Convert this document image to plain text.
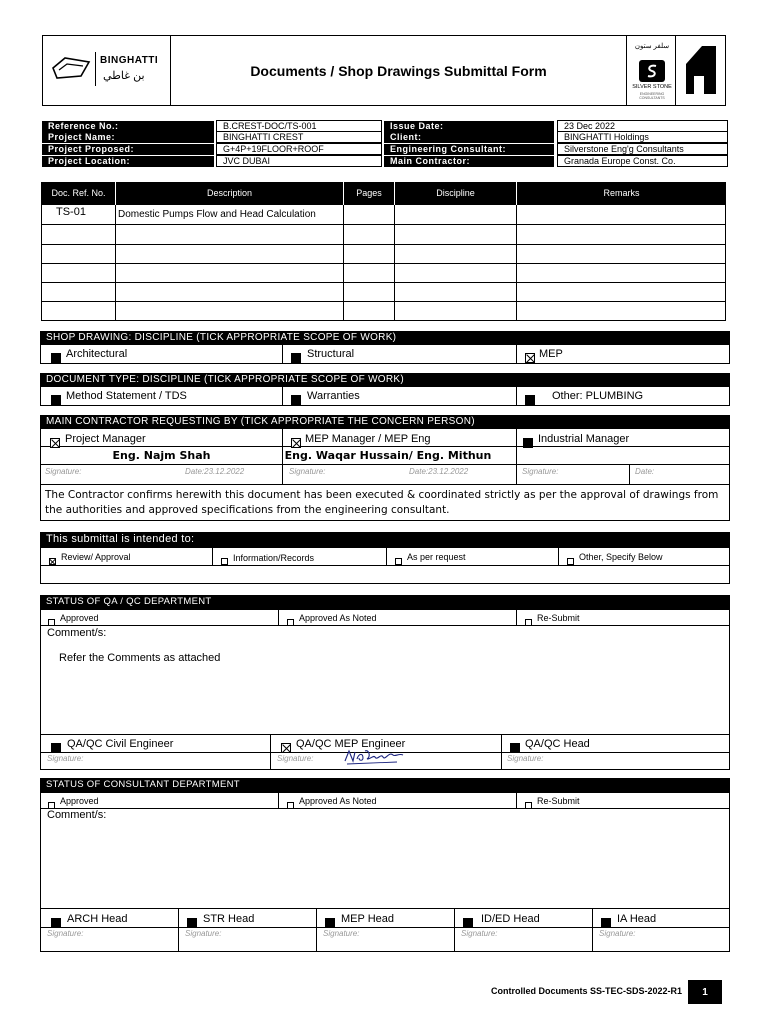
BINGHATTI
بن غاطي	Documents / Shop Drawings Submittal Form
سلفر ستون
SILVER STONE
ENGINEERING CONSULTANTS
Reference No.:	B.CREST-DOC/TS-001	Issue Date:	23 Dec 2022
Project Name:	BINGHATTI CREST	Client:	BINGHATTI Holdings
Project Proposed:	G+4P+19FLOOR+ROOF	Engineering Consultant:	Silverstone Eng'g Consultants
Project Location:	JVC DUBAI	Main Contractor:	Granada Europe Const. Co.
Doc. Ref. No.	Description	Pages	Discipline	Remarks
TS-01	Domestic Pumps Flow and Head Calculation
SHOP DRAWING: DISCIPLINE (TICK APPROPRIATE SCOPE OF WORK)
Architectural	Structural	MEP
DOCUMENT TYPE: DISCIPLINE (TICK APPROPRIATE SCOPE OF WORK)
Method Statement / TDS	Warranties	Other: PLUMBING
MAIN CONTRACTOR REQUESTING BY (TICK APPROPRIATE THE CONCERN PERSON)
Project Manager	MEP Manager / MEP Eng	Industrial Manager
Eng. Najm Shah	Eng. Waqar Hussain/ Eng. Mithun
Signature:	Date:23.12.2022	Signature:	Date:23.12.2022	Signature:	Date:
The Contractor confirms herewith this document has been executed & coordinated strictly as per the approval of drawings from the authorities and approved specifications from the engineering consultant.
This submittal is intended to:
Review/ Approval	Information/Records	As per request	Other, Specify Below
STATUS OF QA / QC DEPARTMENT
Approved	Approved As Noted	Re-Submit
Comment/s:
Refer the Comments as attached
QA/QC Civil Engineer	QA/QC MEP Engineer	QA/QC Head
Signature:	Signature:	Signature:
STATUS OF CONSULTANT DEPARTMENT
Approved	Approved As Noted	Re-Submit
Comment/s:
ARCH Head	STR Head	MEP Head	ID/ED Head	IA Head
Signature:	Signature:	Signature:	Signature:	Signature:
Controlled Documents SS-TEC-SDS-2022-R1	1
